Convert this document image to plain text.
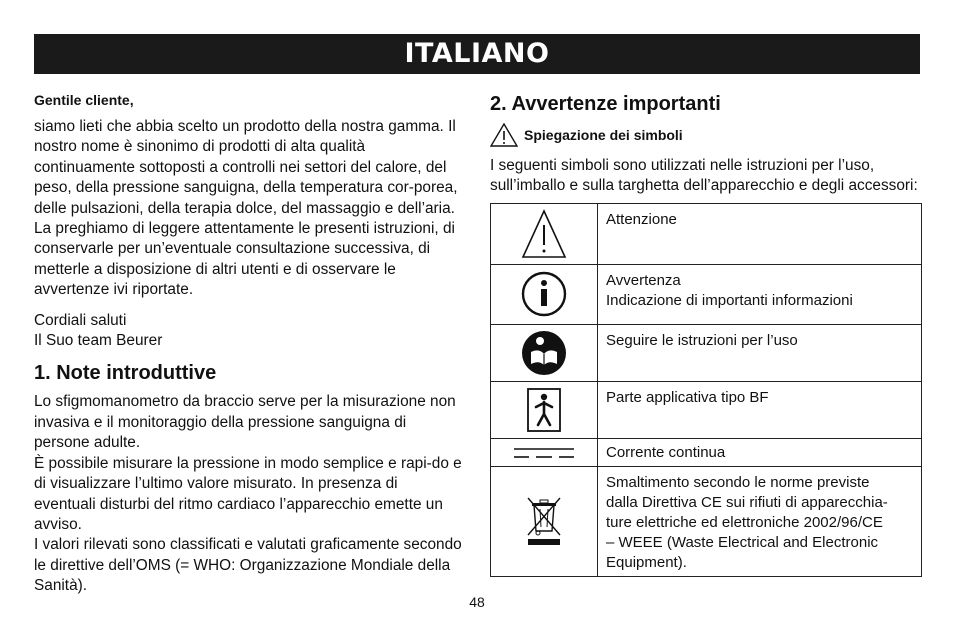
ITALIANO
Gentile cliente,

siamo lieti che abbia scelto un prodotto della nostra gamma. Il nostro nome è sinonimo di prodotti di alta qualità continuamente sottoposti a controlli nei settori del calore, del peso, della pressione sanguigna, della temperatura cor-porea, delle pulsazioni, della terapia dolce, del massaggio e dell’aria. La preghiamo di leggere attentamente le presenti istruzioni, di conservarle per un’eventuale consultazione successiva, di metterle a disposizione di altri utenti e di osservare le avvertenze ivi riportate.

Cordiali saluti

Il Suo team Beurer

1. Note introduttive

Lo sfigmomanometro da braccio serve per la misurazione non invasiva e il monitoraggio della pressione sanguigna di persone adulte.

È possibile misurare la pressione in modo semplice e rapi-do e di visualizzare l’ultimo valore misurato. In presenza di eventuali disturbi del ritmo cardiaco l’apparecchio emette un avviso.

I valori rilevati sono classificati e valutati graficamente secondo le direttive dell’OMS (= WHO: Organizzazione Mondiale della Sanità).

2. Avvertenze importanti
Spiegazione dei simboli

I seguenti simboli sono utilizzati nelle istruzioni per l’uso, sull’imballo e sulla targhetta dell’apparecchio e degli accessori:

Attenzione

Avvertenza
Indicazione di importanti informazioni

Seguire le istruzioni per l’uso

Parte applicativa tipo BF

Corrente continua

Smaltimento secondo le norme previste
dalla Direttiva CE sui rifiuti di apparecchia-
ture elettriche ed elettroniche 2002/96/CE
– WEEE (Waste Electrical and Electronic
Equipment).
48
